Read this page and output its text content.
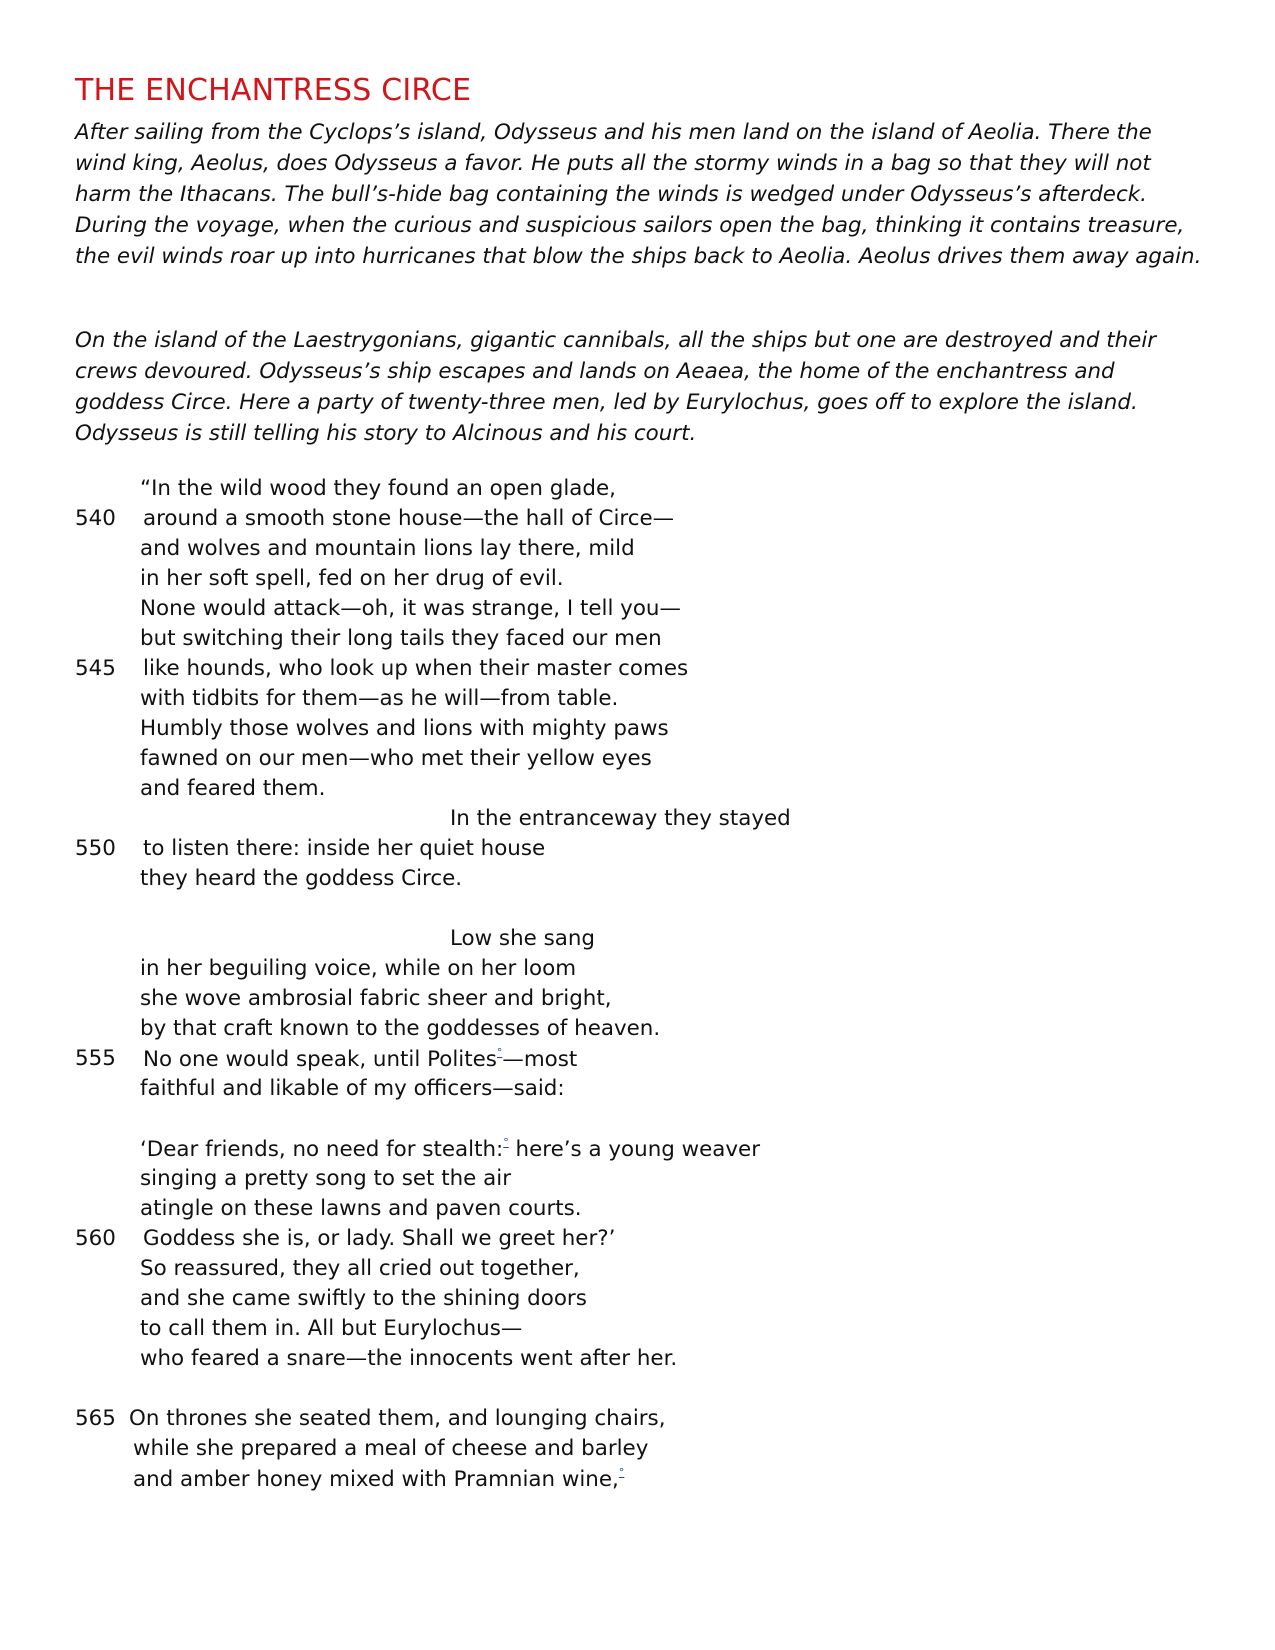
THE ENCHANTRESS CIRCE

After sailing from the Cyclops’s island, Odysseus and his men land on the island of Aeolia. There the wind king, Aeolus, does Odysseus a favor. He puts all the stormy winds in a bag so that they will not harm the Ithacans. The bull’s-hide bag containing the winds is wedged under Odysseus’s afterdeck. During the voyage, when the curious and suspicious sailors open the bag, thinking it contains treasure, the evil winds roar up into hurricanes that blow the ships back to Aeolia. Aeolus drives them away again.

On the island of the Laestrygonians, gigantic cannibals, all the ships but one are destroyed and their crews devoured. Odysseus’s ship escapes and lands on Aeaea, the home of the enchantress and goddess Circe. Here a party of twenty-three men, led by Eurylochus, goes off to explore the island. Odysseus is still telling his story to Alcinous and his court.

“In the wild wood they found an open glade,
540 around a smooth stone house—the hall of Circe—
and wolves and mountain lions lay there, mild
in her soft spell, fed on her drug of evil.
None would attack—oh, it was strange, I tell you—
but switching their long tails they faced our men
545 like hounds, who look up when their master comes
with tidbits for them—as he will—from table.
Humbly those wolves and lions with mighty paws
fawned on our men—who met their yellow eyes
and feared them.
In the entranceway they stayed
550 to listen there: inside her quiet house
they heard the goddess Circe.
Low she sang
in her beguiling voice, while on her loom
she wove ambrosial fabric sheer and bright,
by that craft known to the goddesses of heaven.
555 No one would speak, until Polites°—most
faithful and likable of my officers—said:
‘Dear friends, no need for stealth:° here’s a young weaver
singing a pretty song to set the air
atingle on these lawns and paven courts.
560 Goddess she is, or lady. Shall we greet her?’
So reassured, they all cried out together,
and she came swiftly to the shining doors
to call them in. All but Eurylochus—
who feared a snare—the innocents went after her.
565 On thrones she seated them, and lounging chairs,
while she prepared a meal of cheese and barley
and amber honey mixed with Pramnian wine,°
